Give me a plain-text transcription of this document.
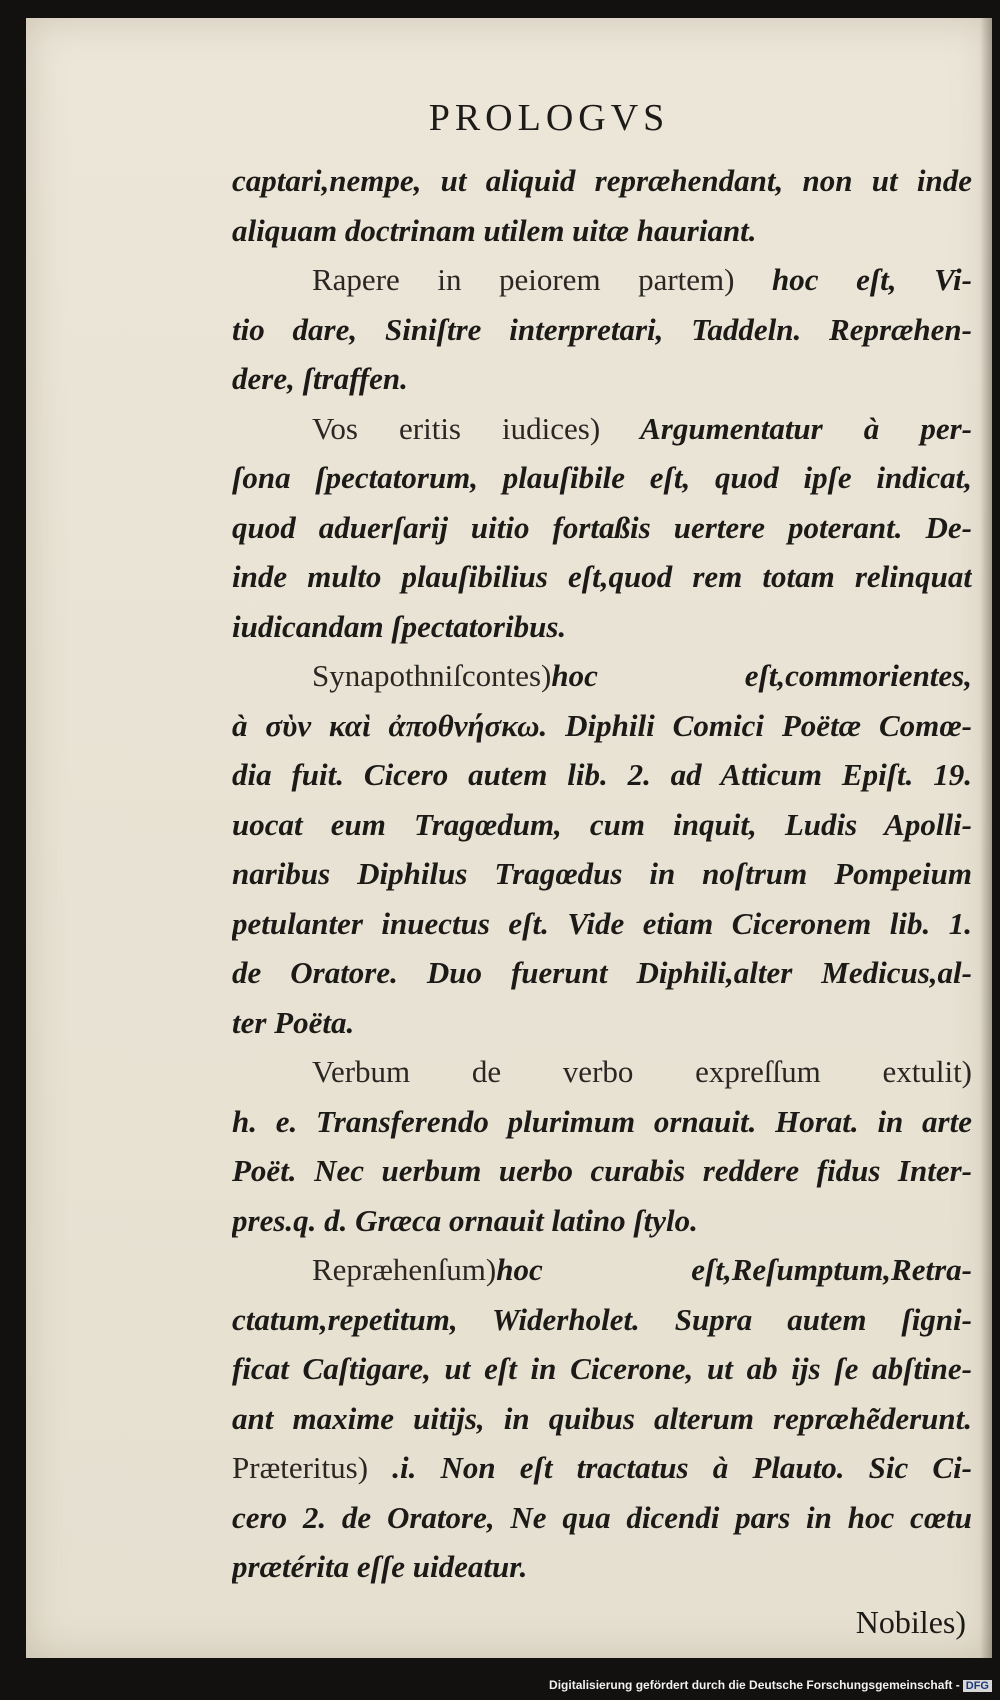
PROLOGVS
captari,nempe, ut aliquid repræhendant, non ut inde
aliquam doctrinam utilem uitæ hauriant.
Rapere in peiorem partem) hoc eſt, Vi-
tio dare, Siniſtre interpretari, Taddeln. Repræhen-
dere, ſtraffen.
Vos eritis iudices) Argumentatur à per-
ſona ſpectatorum, plauſibile eſt, quod ipſe indicat,
quod aduerſarij uitio fortaßis uertere poterant. De-
inde multo plauſibilius eſt,quod rem totam relinquat
iudicandam ſpectatoribus.
Synapothniſcontes)hoc eſt,commorientes,
à σὺν καὶ ἀποθνήσκω. Diphili Comici Poëtæ Comœ-
dia fuit. Cicero autem lib. 2. ad Atticum Epiſt. 19.
uocat eum Tragœdum, cum inquit, Ludis Apolli-
naribus Diphilus Tragœdus in noſtrum Pompeium
petulanter inuectus eſt. Vide etiam Ciceronem lib. 1.
de Oratore. Duo fuerunt Diphili,alter Medicus,al-
ter Poëta.
Verbum de verbo expreſſum extulit)
h. e. Transferendo plurimum ornauit. Horat. in arte
Poët. Nec uerbum uerbo curabis reddere fidus Inter-
pres.q. d. Græca ornauit latino ſtylo.
Repræhenſum)hoc eſt,Reſumptum,Retra-
ctatum,repetitum, Widerholet. Supra autem ſigni-
ficat Caſtigare, ut eſt in Cicerone, ut ab ijs ſe abſtine-
ant maxime uitijs, in quibus alterum repræhẽderunt.
Præteritus) .i. Non eſt tractatus à Plauto. Sic Ci-
cero 2. de Oratore, Ne qua dicendi pars in hoc cœtu
prætérita eſſe uideatur.
Nobiles)
Digitalisierung gefördert durch die Deutsche Forschungsgemeinschaft - DFG
